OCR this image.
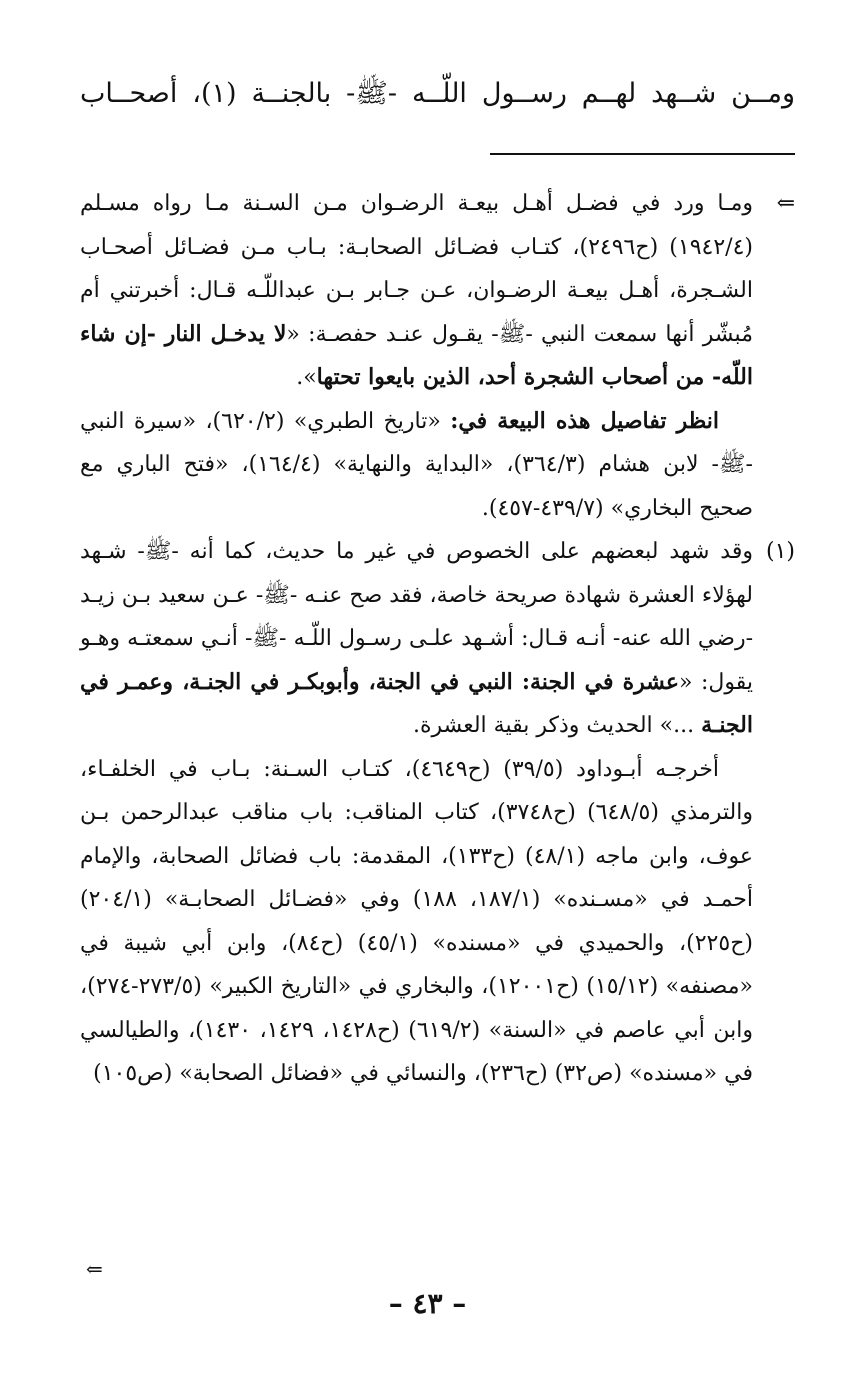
ومــن شــهد لهــم رســول اللّــه -ﷺ- بالجنــة (١)، أصحــاب
⇐

ومـا ورد في فضـل أهـل بيعـة الرضـوان مـن السـنة مـا رواه مسـلم (١٩٤٢/٤) (ح٢٤٩٦)، كتـاب فضـائل الصحابـة: بـاب مـن فضـائل أصحـاب الشـجرة، أهـل بيعـة الرضـوان، عـن جـابر بـن عبداللّـه قـال: أخبرتني أم مُبشّر أنها سمعت النبي -ﷺ- يقـول عنـد حفصـة: «لا يدخـل النار -إن شاء اللّه- من أصحاب الشجرة أحد، الذين بايعوا تحتها».

انظر تفاصيل هذه البيعة في: «تاريخ الطبري» (٦٢٠/٢)، «سيرة النبي -ﷺ- لابن هشام (٣٦٤/٣)، «البداية والنهاية» (١٦٤/٤)، «فتح الباري مع صحيح البخاري» (٤٣٩/٧-٤٥٧).

(١)

وقد شهد لبعضهم على الخصوص في غير ما حديث، كما أنه -ﷺ- شـهد لهؤلاء العشرة شهادة صريحة خاصة، فقد صح عنـه -ﷺ- عـن سعيد بـن زيـد -رضي الله عنه- أنـه قـال: أشـهد علـى رسـول اللّـه -ﷺ- أنـي سمعتـه وهـو يقول: «عشرة في الجنة: النبي في الجنة، وأبوبكـر في الجنـة، وعمـر في الجنـة ...» الحديث وذكر بقية العشرة.

أخرجـه أبـوداود (٣٩/٥) (ح٤٦٤٩)، كتـاب السـنة: بـاب في الخلفـاء، والترمذي (٦٤٨/٥) (ح٣٧٤٨)، كتاب المناقب: باب مناقب عبدالرحمن بـن عوف، وابن ماجه (٤٨/١) (ح١٣٣)، المقدمة: باب فضائل الصحابة، والإمام أحمـد في «مسـنده» (١٨٧/١، ١٨٨) وفي «فضـائل الصحابـة» (٢٠٤/١) (ح٢٢٥)، والحميدي في «مسنده» (٤٥/١) (ح٨٤)، وابن أبي شيبة في «مصنفه» (١٥/١٢) (ح١٢٠٠١)، والبخاري في «التاريخ الكبير» (٢٧٣/٥-٢٧٤)، وابن أبي عاصم في «السنة» (٦١٩/٢) (ح١٤٢٨، ١٤٢٩، ١٤٣٠)، والطيالسي في «مسنده» (ص٣٢) (ح٢٣٦)، والنسائي في «فضائل الصحابة» (ص١٠٥)

⇐
– ٤٣ –
